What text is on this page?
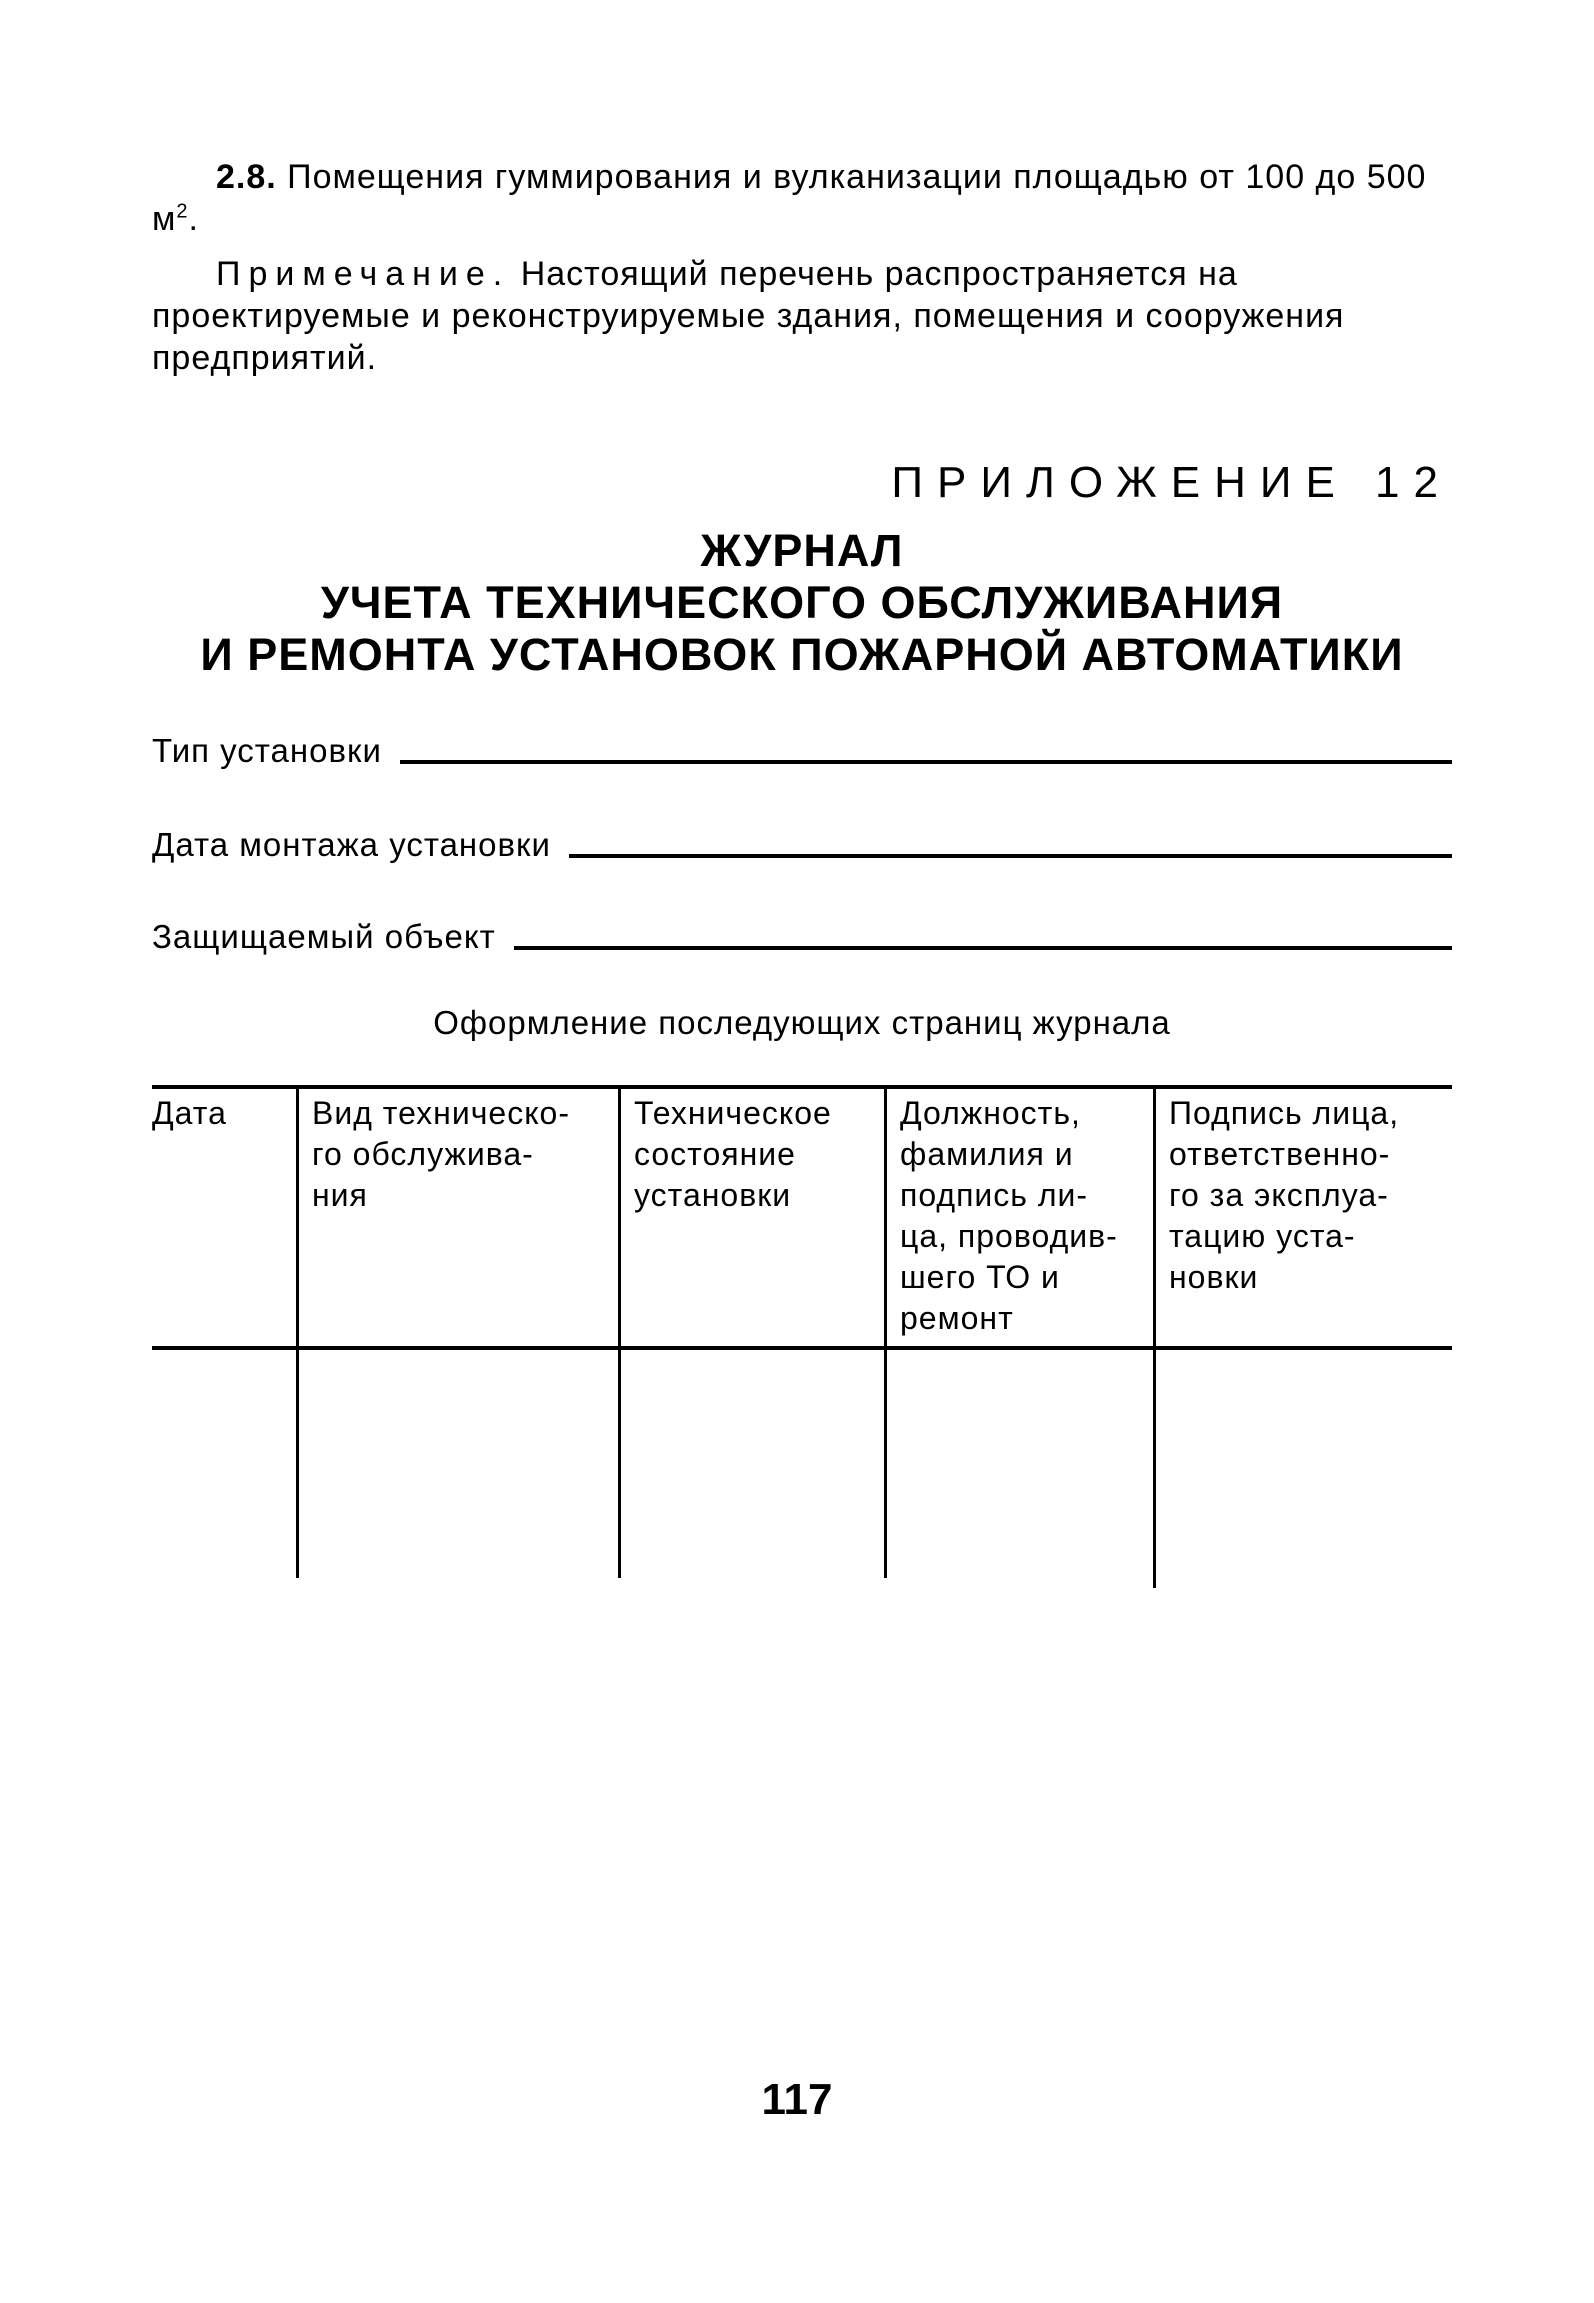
2.8. Помещения гуммирования и вулканизации площадью от 100 до 500 $м^2$.
Примечание. Настоящий перечень распространяется на проектируемые и реконструируемые здания, помещения и сооружения предприятий.
ПРИЛОЖЕНИЕ 12
ЖУРНАЛ
УЧЕТА ТЕХНИЧЕСКОГО ОБСЛУЖИВАНИЯ
И РЕМОНТА УСТАНОВОК ПОЖАРНОЙ АВТОМАТИКИ
Тип установки
Дата монтажа установки
Защищаемый объект
Оформление последующих страниц журнала
Дата	Вид техническо-
го обслужива-
ния
Техническое
состояние
установки
Должность,
фамилия и
подпись ли-
ца, проводив-
шего ТО и
ремонт
Подпись лица,
ответственно-
го за эксплуа-
тацию уста-
новки
117
